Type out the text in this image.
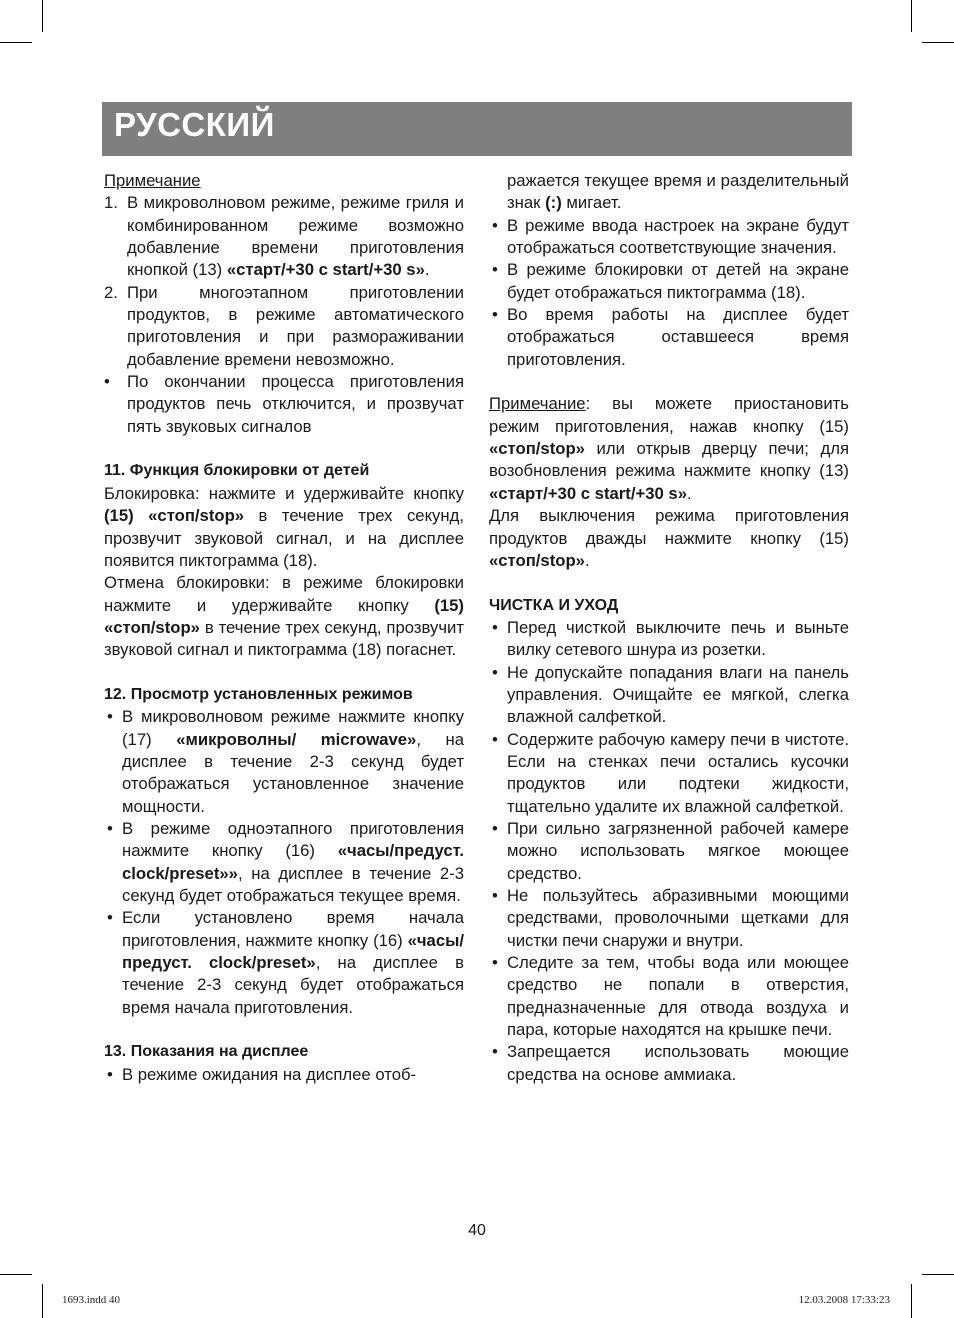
РУССКИЙ

Примечание

1. В микроволновом режиме, режиме гриля и комбинированном режиме возможно добавление времени приготовления кнопкой (13) «старт/+30 с start/+30 s».
2. При многоэтапном приготовлении продуктов, в режиме автоматического приготовления и при размораживании добавление времени невозможно.
• По окончании процесса приготовления продуктов печь отключится, и прозвучат пять звуковых сигналов

11. Функция блокировки от детей

Блокировка: нажмите и удерживайте кнопку (15) «стоп/stop» в течение трех секунд, прозвучит звуковой сигнал, и на дисплее появится пиктограмма (18).

Отмена блокировки: в режиме блокировки нажмите и удерживайте кнопку (15) «стоп/stop» в течение трех секунд, прозвучит звуковой сигнал и пиктограмма (18) погаснет.

12. Просмотр установленных режимов

• В микроволновом режиме нажмите кнопку (17) «микроволны/ microwave», на дисплее в течение 2-3 секунд будет отображаться установленное значение мощности.
• В режиме одноэтапного приготовления нажмите кнопку (16) «часы/предуст. clock/preset»», на дисплее в течение 2-3 секунд будет отображаться текущее время.
• Если установлено время начала приготовления, нажмите кнопку (16) «часы/ предуст. clock/preset», на дисплее в течение 2-3 секунд будет отображаться время начала приготовления.

13. Показания на дисплее

• В режиме ожидания на дисплее отоб-
ражается текущее время и разделительный знак (:) мигает.
• В режиме ввода настроек на экране будут отображаться соответствующие значения.
• В режиме блокировки от детей на экране будет отображаться пиктограмма (18).
• Во время работы на дисплее будет отображаться оставшееся время приготовления.

Примечание: вы можете приостановить режим приготовления, нажав кнопку (15) «стоп/stop» или открыв дверцу печи; для возобновления режима нажмите кнопку (13) «старт/+30 с start/+30 s».

Для выключения режима приготовления продуктов дважды нажмите кнопку (15) «стоп/stop».

ЧИСТКА И УХОД

• Перед чисткой выключите печь и выньте вилку сетевого шнура из розетки.
• Не допускайте попадания влаги на панель управления. Очищайте ее мягкой, слегка влажной салфеткой.
• Содержите рабочую камеру печи в чистоте. Если на стенках печи остались кусочки продуктов или подтеки жидкости, тщательно удалите их влажной салфеткой.
• При сильно загрязненной рабочей камере можно использовать мягкое моющее средство.
• Не пользуйтесь абразивными моющими средствами, проволочными щетками для чистки печи снаружи и внутри.
• Следите за тем, чтобы вода или моющее средство не попали в отверстия, предназначенные для отвода воздуха и пара, которые находятся на крышке печи.
• Запрещается использовать моющие средства на основе аммиака.
40
1693.indd 40	12.03.2008 17:33:23
